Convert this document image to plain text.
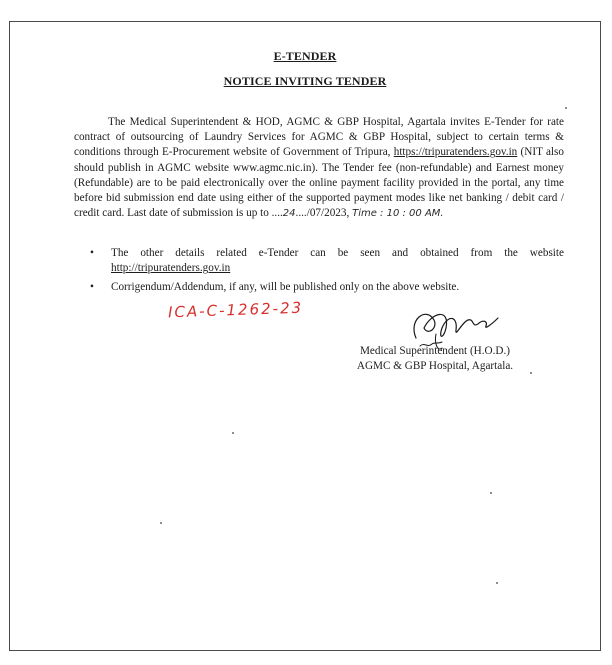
E-TENDER
NOTICE INVITING TENDER
The Medical Superintendent & HOD, AGMC & GBP Hospital, Agartala invites E-Tender for rate contract of outsourcing of Laundry Services for AGMC & GBP Hospital, subject to certain terms & conditions through E-Procurement website of Government of Tripura, https://tripuratenders.gov.in (NIT also should publish in AGMC website www.agmc.nic.in). The Tender fee (non-refundable) and Earnest money (Refundable) are to be paid electronically over the online payment facility provided in the portal, any time before bid submission end date using either of the supported payment modes like net banking / debit card / credit card. Last date of submission is up to ....24..../07/2023, Time : 10 : 00 AM.
• The other details related e-Tender can be seen and obtained from the website http://tripuratenders.gov.in
• Corrigendum/Addendum, if any, will be published only on the above website.
ICA-C-1262-23
Medical Superintendent (H.O.D.)
AGMC & GBP Hospital, Agartala.
